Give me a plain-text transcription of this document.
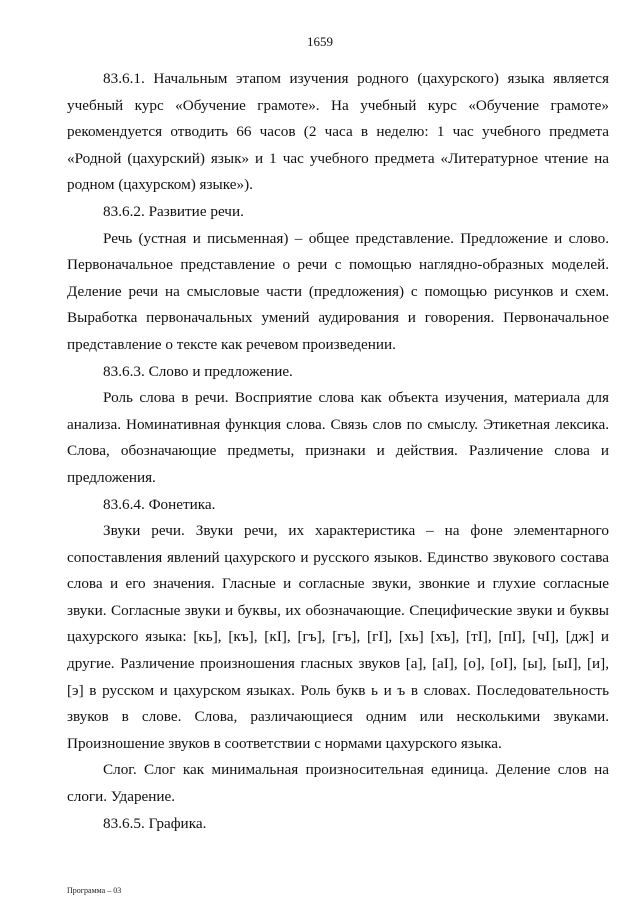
1659

83.6.1. Начальным этапом изучения родного (цахурского) языка является учебный курс «Обучение грамоте». На учебный курс «Обучение грамоте» рекомендуется отводить 66 часов (2 часа в неделю: 1 час учебного предмета «Родной (цахурский) язык» и 1 час учебного предмета «Литературное чтение на родном (цахурском) языке»).

83.6.2. Развитие речи.

Речь (устная и письменная) – общее представление. Предложение и слово. Первоначальное представление о речи с помощью наглядно-образных моделей. Деление речи на смысловые части (предложения) с помощью рисунков и схем. Выработка первоначальных умений аудирования и говорения. Первоначальное представление о тексте как речевом произведении.

83.6.3. Слово и предложение.

Роль слова в речи. Восприятие слова как объекта изучения, материала для анализа. Номинативная функция слова. Связь слов по смыслу. Этикетная лексика. Слова, обозначающие предметы, признаки и действия. Различение слова и предложения.

83.6.4. Фонетика.

Звуки речи. Звуки речи, их характеристика – на фоне элементарного сопоставления явлений цахурского и русского языков. Единство звукового состава слова и его значения. Гласные и согласные звуки, звонкие и глухие согласные звуки. Согласные звуки и буквы, их обозначающие. Специфические звуки и буквы цахурского языка: [кь], [къ], [кI], [гъ], [гъ], [гI], [хь] [хъ], [тI], [пI], [чI], [дж] и другие. Различение произношения гласных звуков [а], [аI], [о], [оI], [ы], [ыI], [и], [э] в русском и цахурском языках. Роль букв ь и ъ в словах. Последовательность звуков в слове. Слова, различающиеся одним или несколькими звуками. Произношение звуков в соответствии с нормами цахурского языка.

Слог. Слог как минимальная произносительная единица. Деление слов на слоги. Ударение.

83.6.5. Графика.

Программа – 03
